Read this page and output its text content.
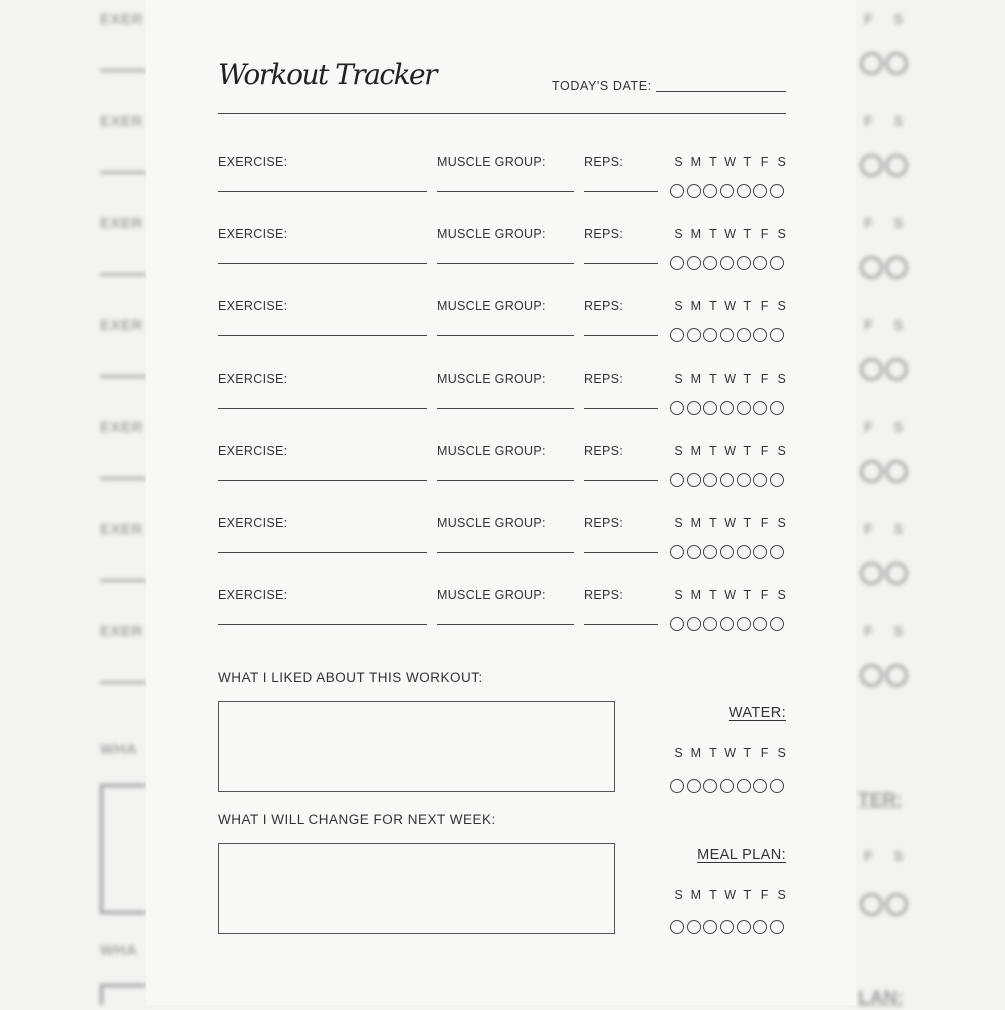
EXER
EXER
EXER
EXER
EXER
EXER
EXER
WHA
WHA
F S
F S
F S
F S
F S
F S
F S
TER:
F S
LAN:
Workout Tracker	TODAY'S DATE:
EXERCISE:	MUSCLE GROUP:	REPS:	S M T W T F S
EXERCISE:	MUSCLE GROUP:	REPS:	S M T W T F S
EXERCISE:	MUSCLE GROUP:	REPS:	S M T W T F S
EXERCISE:	MUSCLE GROUP:	REPS:	S M T W T F S
EXERCISE:	MUSCLE GROUP:	REPS:	S M T W T F S
EXERCISE:	MUSCLE GROUP:	REPS:	S M T W T F S
EXERCISE:	MUSCLE GROUP:	REPS:	S M T W T F S
WHAT I LIKED ABOUT THIS WORKOUT:
WHAT I WILL CHANGE FOR NEXT WEEK:
WATER:
S M T W T F S
MEAL PLAN:
S M T W T F S
